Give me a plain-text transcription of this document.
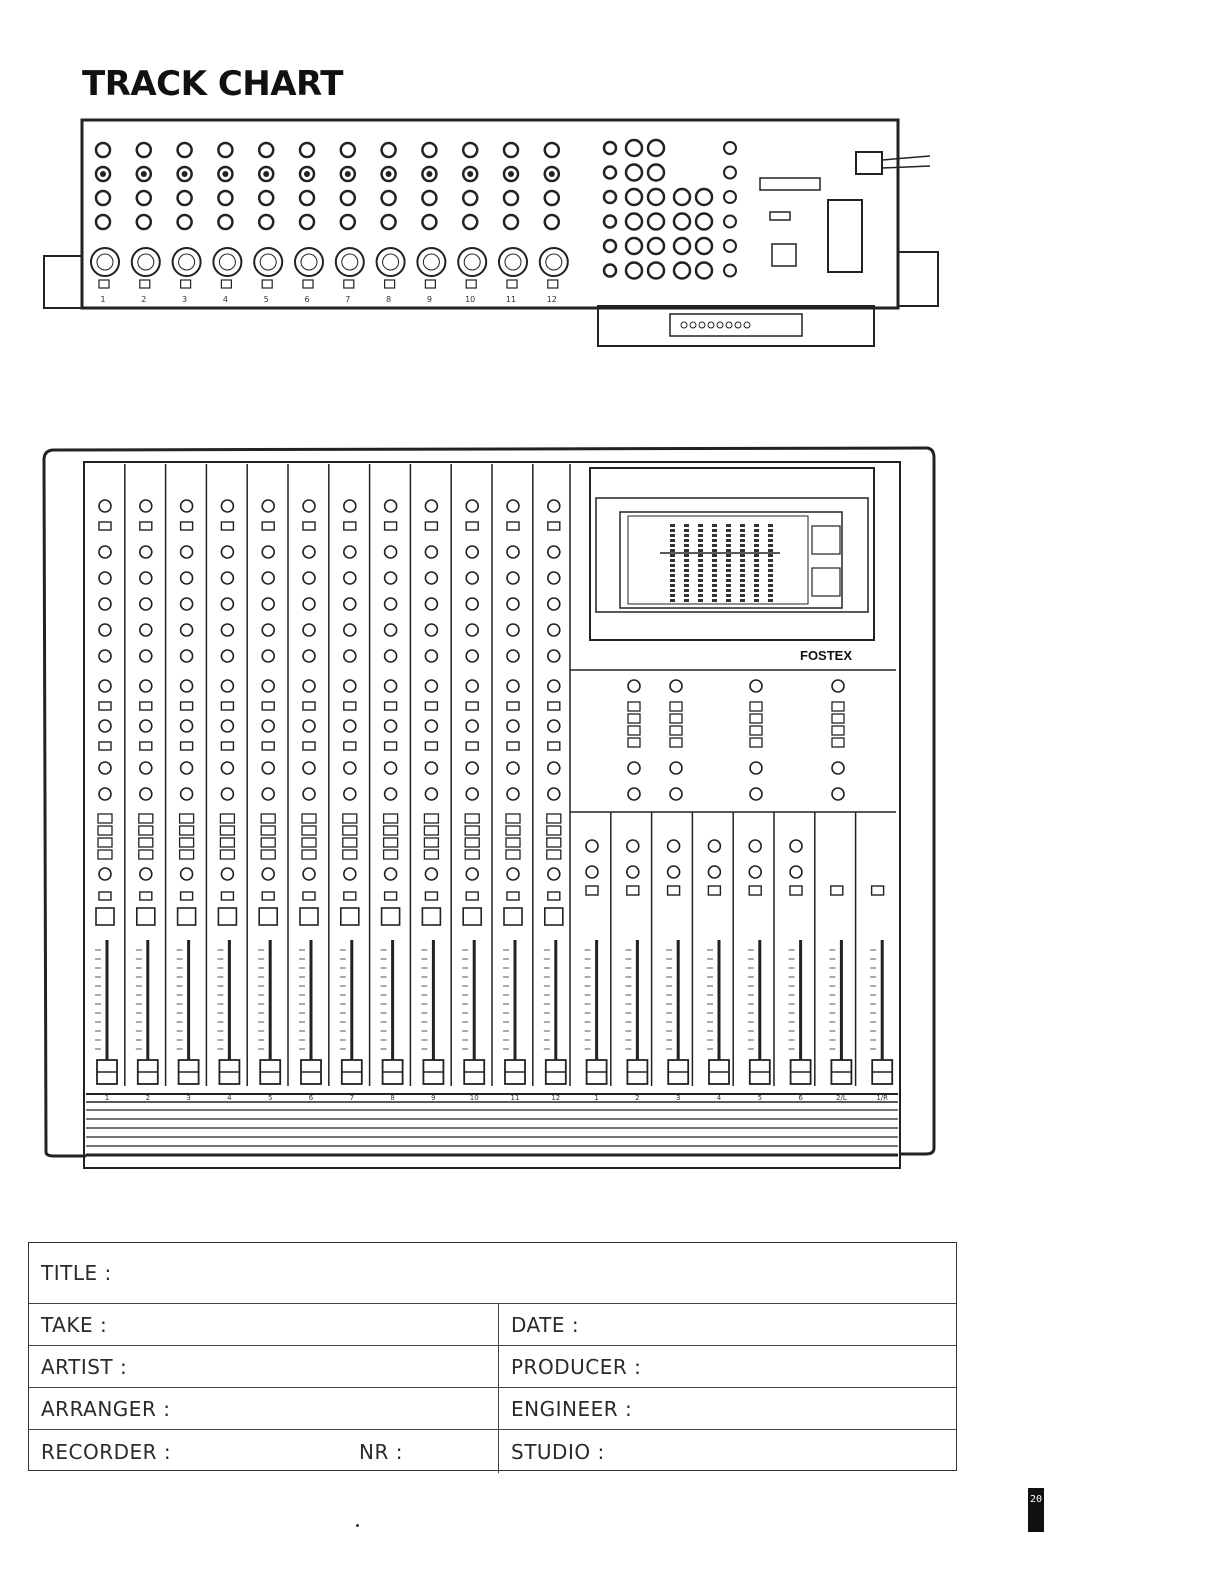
TRACK CHART
1	2	3	4	5	6	7	8	9	10	11	12
1	2	3	4	5	6	7	8	9	10	11	12	1	2	3	4	5	6	2/L	1/R
FOSTEX
TITLE :
TAKE :	DATE :
ARTIST :	PRODUCER :
ARRANGER :	ENGINEER :
RECORDER :	NR :	STUDIO :
20
